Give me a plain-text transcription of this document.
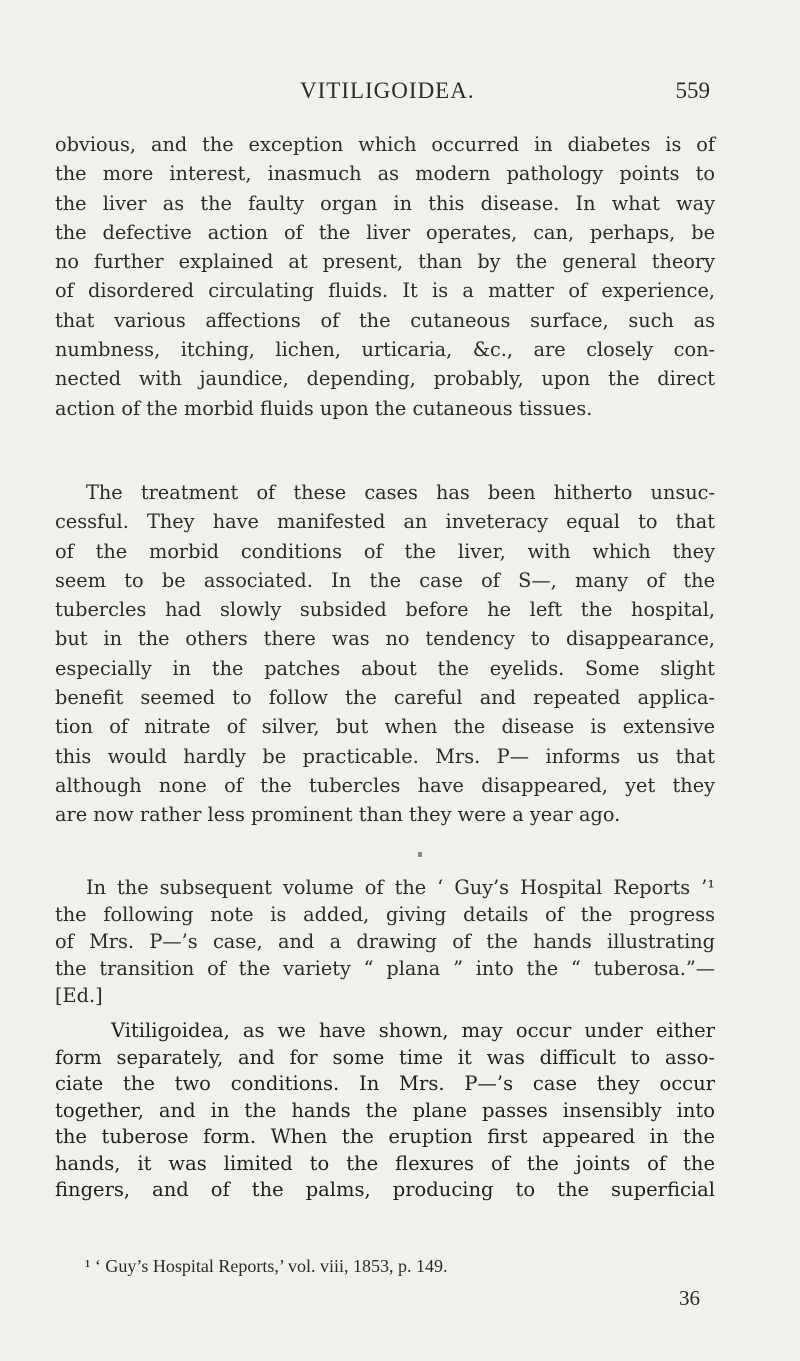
VITILIGOIDEA.	559
obvious, and the exception which occurred in diabetes is of
the more interest, inasmuch as modern pathology points to
the liver as the faulty organ in this disease. In what way
the defective action of the liver operates, can, perhaps, be
no further explained at present, than by the general theory
of disordered circulating fluids. It is a matter of experience,
that various affections of the cutaneous surface, such as
numbness, itching, lichen, urticaria, &c., are closely con-
nected with jaundice, depending, probably, upon the direct
action of the morbid fluids upon the cutaneous tissues.
The treatment of these cases has been hitherto unsuc-
cessful. They have manifested an inveteracy equal to that
of the morbid conditions of the liver, with which they
seem to be associated. In the case of S—, many of the
tubercles had slowly subsided before he left the hospital,
but in the others there was no tendency to disappearance,
especially in the patches about the eyelids. Some slight
benefit seemed to follow the careful and repeated applica-
tion of nitrate of silver, but when the disease is extensive
this would hardly be practicable. Mrs. P— informs us that
although none of the tubercles have disappeared, yet they
are now rather less prominent than they were a year ago.
In the subsequent volume of the ‘ Guy’s Hospital Reports ’¹
the following note is added, giving details of the progress
of Mrs. P—’s case, and a drawing of the hands illustrating
the transition of the variety “ plana ” into the “ tuberosa.”—
[Ed.]
Vitiligoidea, as we have shown, may occur under either
form separately, and for some time it was difficult to asso-
ciate the two conditions. In Mrs. P—’s case they occur
together, and in the hands the plane passes insensibly into
the tuberose form. When the eruption first appeared in the
hands, it was limited to the flexures of the joints of the
fingers, and of the palms, producing to the superficial
¹ ‘ Guy’s Hospital Reports,’ vol. viii, 1853, p. 149.
36
